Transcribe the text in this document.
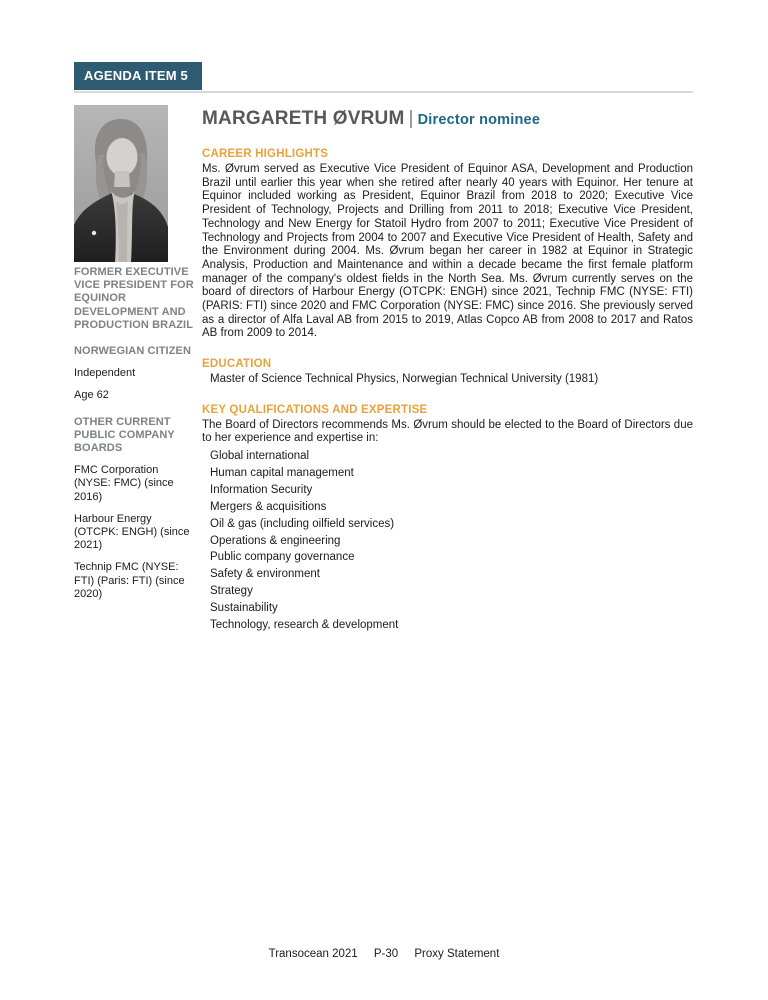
AGENDA ITEM 5

FORMER EXECUTIVE VICE PRESIDENT FOR EQUINOR DEVELOPMENT AND PRODUCTION BRAZIL

NORWEGIAN CITIZEN

Independent

Age 62

OTHER CURRENT PUBLIC COMPANY BOARDS

FMC Corporation (NYSE: FMC) (since 2016)

Harbour Energy (OTCPK: ENGH) (since 2021)

Technip FMC (NYSE: FTI) (Paris: FTI) (since 2020)

MARGARETH ØVRUM | Director nominee
CAREER HIGHLIGHTS

Ms. Øvrum served as Executive Vice President of Equinor ASA, Development and Production Brazil until earlier this year when she retired after nearly 40 years with Equinor. Her tenure at Equinor included working as President, Equinor Brazil from 2018 to 2020; Executive Vice President of Technology, Projects and Drilling from 2011 to 2018; Executive Vice President, Technology and New Energy for Statoil Hydro from 2007 to 2011; Executive Vice President of Technology and Projects from 2004 to 2007 and Executive Vice President of Health, Safety and the Environment during 2004. Ms. Øvrum began her career in 1982 at Equinor in Strategic Analysis, Production and Maintenance and within a decade became the first female platform manager of the company's oldest fields in the North Sea. Ms. Øvrum currently serves on the board of directors of Harbour Energy (OTCPK: ENGH) since 2021, Technip FMC (NYSE: FTI) (PARIS: FTI) since 2020 and FMC Corporation (NYSE: FMC) since 2016. She previously served as a director of Alfa Laval AB from 2015 to 2019, Atlas Copco AB from 2008 to 2017 and Ratos AB from 2009 to 2014.

EDUCATION

Master of Science Technical Physics, Norwegian Technical University (1981)

KEY QUALIFICATIONS AND EXPERTISE

The Board of Directors recommends Ms. Øvrum should be elected to the Board of Directors due to her experience and expertise in:

Global international

Human capital management

Information Security

Mergers & acquisitions

Oil & gas (including oilfield services)

Operations & engineering

Public company governance

Safety & environment

Strategy

Sustainability

Technology, research & development

Transocean 2021 P-30 Proxy Statement
